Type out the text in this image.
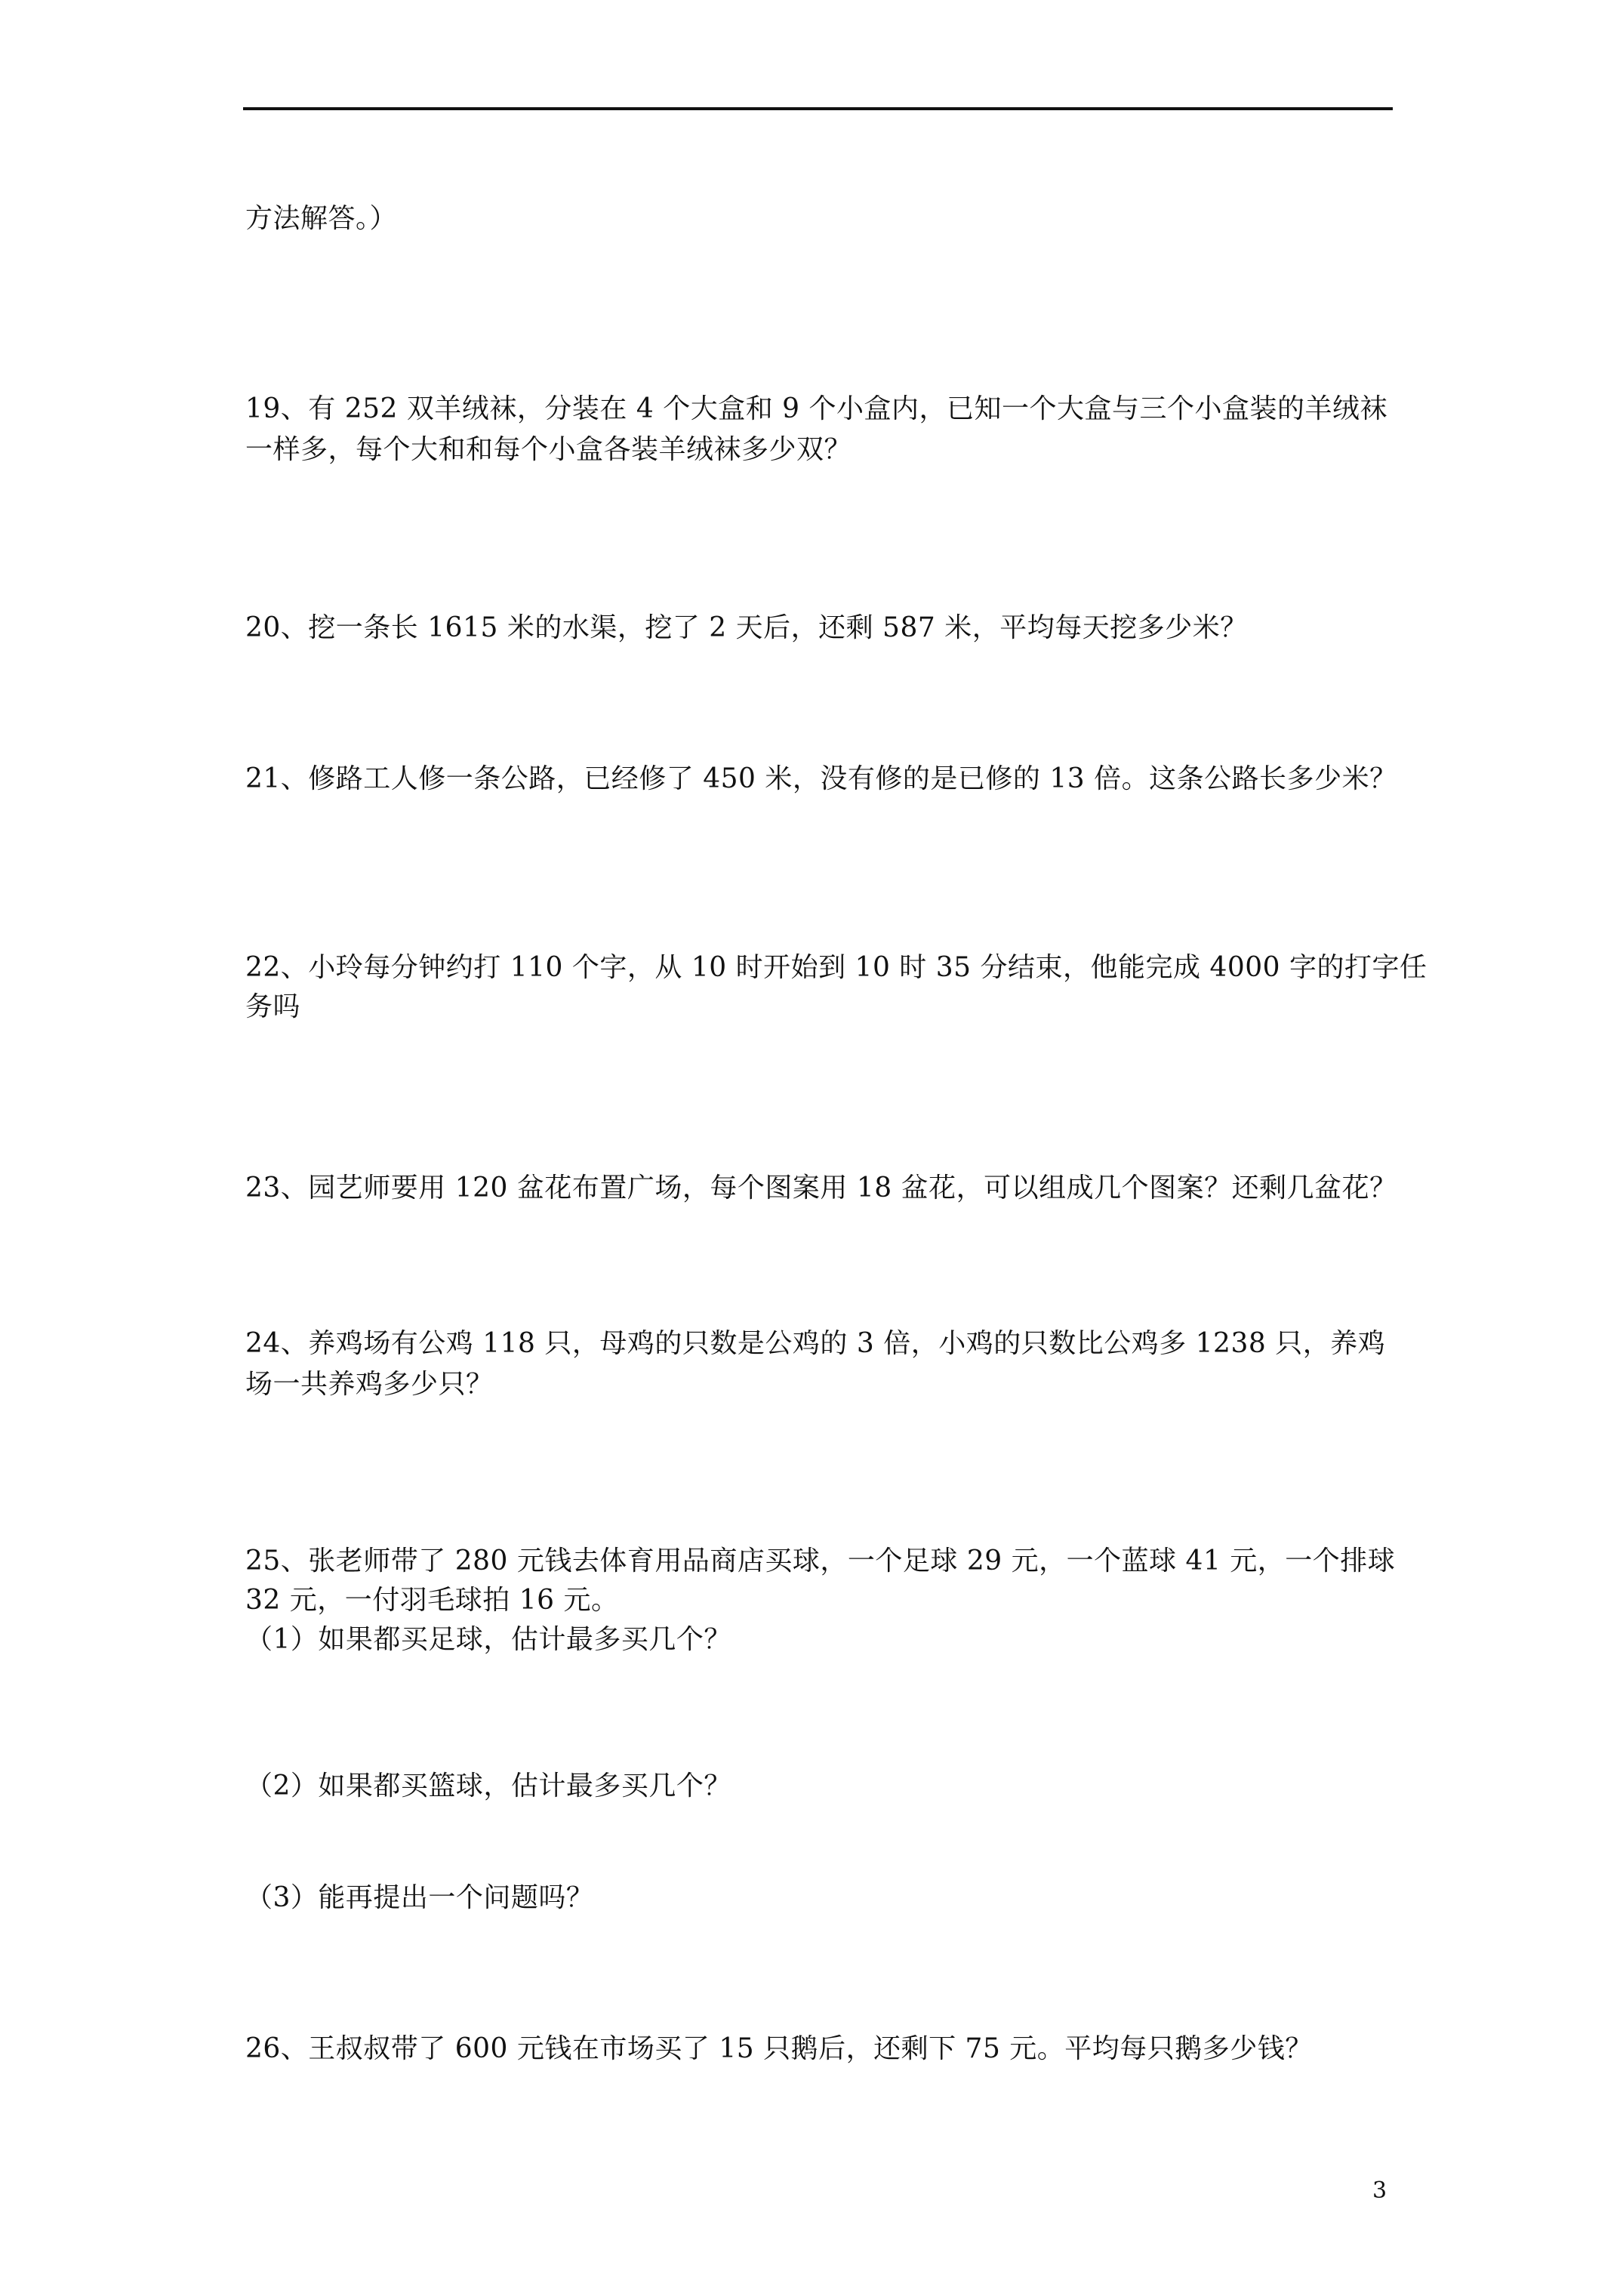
方法解答。）
19、有 252 双羊绒袜，分装在 4 个大盒和 9 个小盒内，已知一个大盒与三个小盒装的羊绒袜
一样多，每个大和和每个小盒各装羊绒袜多少双？
20、挖一条长 1615 米的水渠，挖了 2 天后，还剩 587 米，平均每天挖多少米？
21、修路工人修一条公路，已经修了 450 米，没有修的是已修的 13 倍。这条公路长多少米？
22、小玲每分钟约打 110 个字，从 10 时开始到 10 时 35 分结束，他能完成 4000 字的打字任
务吗
23、园艺师要用 120 盆花布置广场，每个图案用 18 盆花，可以组成几个图案？还剩几盆花？
24、养鸡场有公鸡 118 只，母鸡的只数是公鸡的 3 倍，小鸡的只数比公鸡多 1238 只，养鸡
场一共养鸡多少只？
25、张老师带了 280 元钱去体育用品商店买球，一个足球 29 元，一个蓝球 41 元，一个排球
32 元，一付羽毛球拍 16 元。
（1）如果都买足球，估计最多买几个？
（2）如果都买篮球，估计最多买几个？
（3）能再提出一个问题吗？
26、王叔叔带了 600 元钱在市场买了 15 只鹅后，还剩下 75 元。平均每只鹅多少钱？
3
